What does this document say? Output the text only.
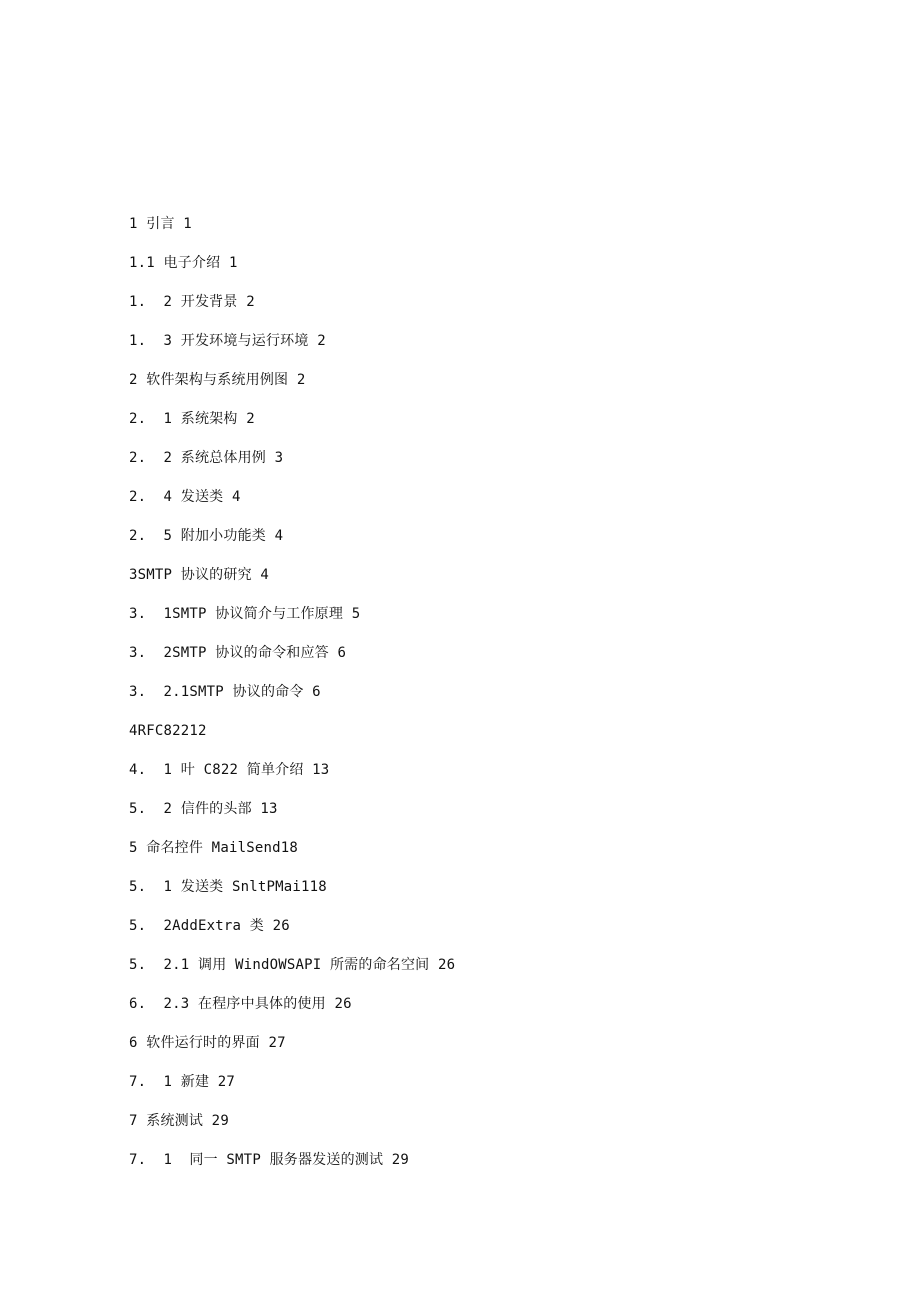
1 引言 1
1.1 电子介绍 1
1.  2 开发背景 2
1.  3 开发环境与运行环境 2
2 软件架构与系统用例图 2
2.  1 系统架构 2
2.  2 系统总体用例 3
2.  4 发送类 4
2.  5 附加小功能类 4
3SMTP 协议的研究 4
3.  1SMTP 协议简介与工作原理 5
3.  2SMTP 协议的命令和应答 6
3.  2.1SMTP 协议的命令 6
4RFC82212
4.  1 叶 C822 简单介绍 13
5.  2 信件的头部 13
5 命名控件 MailSend18
5.  1 发送类 SnltPMai118
5.  2AddExtra 类 26
5.  2.1 调用 WindOWSAPI 所需的命名空间 26
6.  2.3 在程序中具体的使用 26
6 软件运行时的界面 27
7.  1 新建 27
7 系统测试 29
7.  1  同一 SMTP 服务器发送的测试 29
